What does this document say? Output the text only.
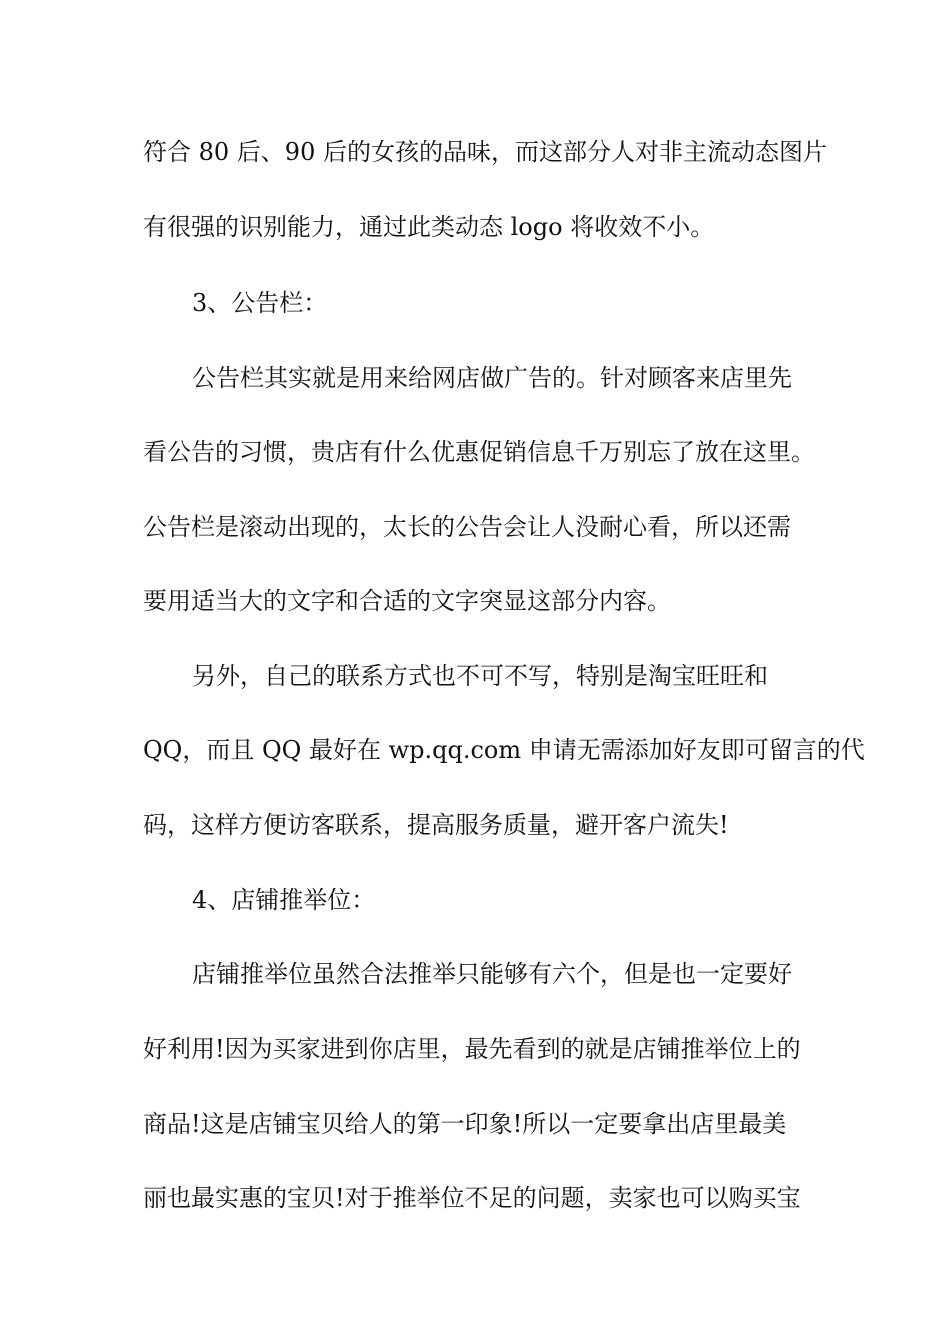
符合 80 后、90 后的女孩的品味，而这部分人对非主流动态图片
有很强的识别能力，通过此类动态 logo 将收效不小。
3、公告栏：
公告栏其实就是用来给网店做广告的。针对顾客来店里先
看公告的习惯，贵店有什么优惠促销信息千万别忘了放在这里。
公告栏是滚动出现的，太长的公告会让人没耐心看，所以还需
要用适当大的文字和合适的文字突显这部分内容。
另外，自己的联系方式也不可不写，特别是淘宝旺旺和
QQ，而且 QQ 最好在 wp.qq.com 申请无需添加好友即可留言的代
码，这样方便访客联系，提高服务质量，避开客户流失!
4、店铺推举位：
店铺推举位虽然合法推举只能够有六个，但是也一定要好
好利用!因为买家进到你店里，最先看到的就是店铺推举位上的
商品!这是店铺宝贝给人的第一印象!所以一定要拿出店里最美
丽也最实惠的宝贝!对于推举位不足的问题，卖家也可以购买宝
